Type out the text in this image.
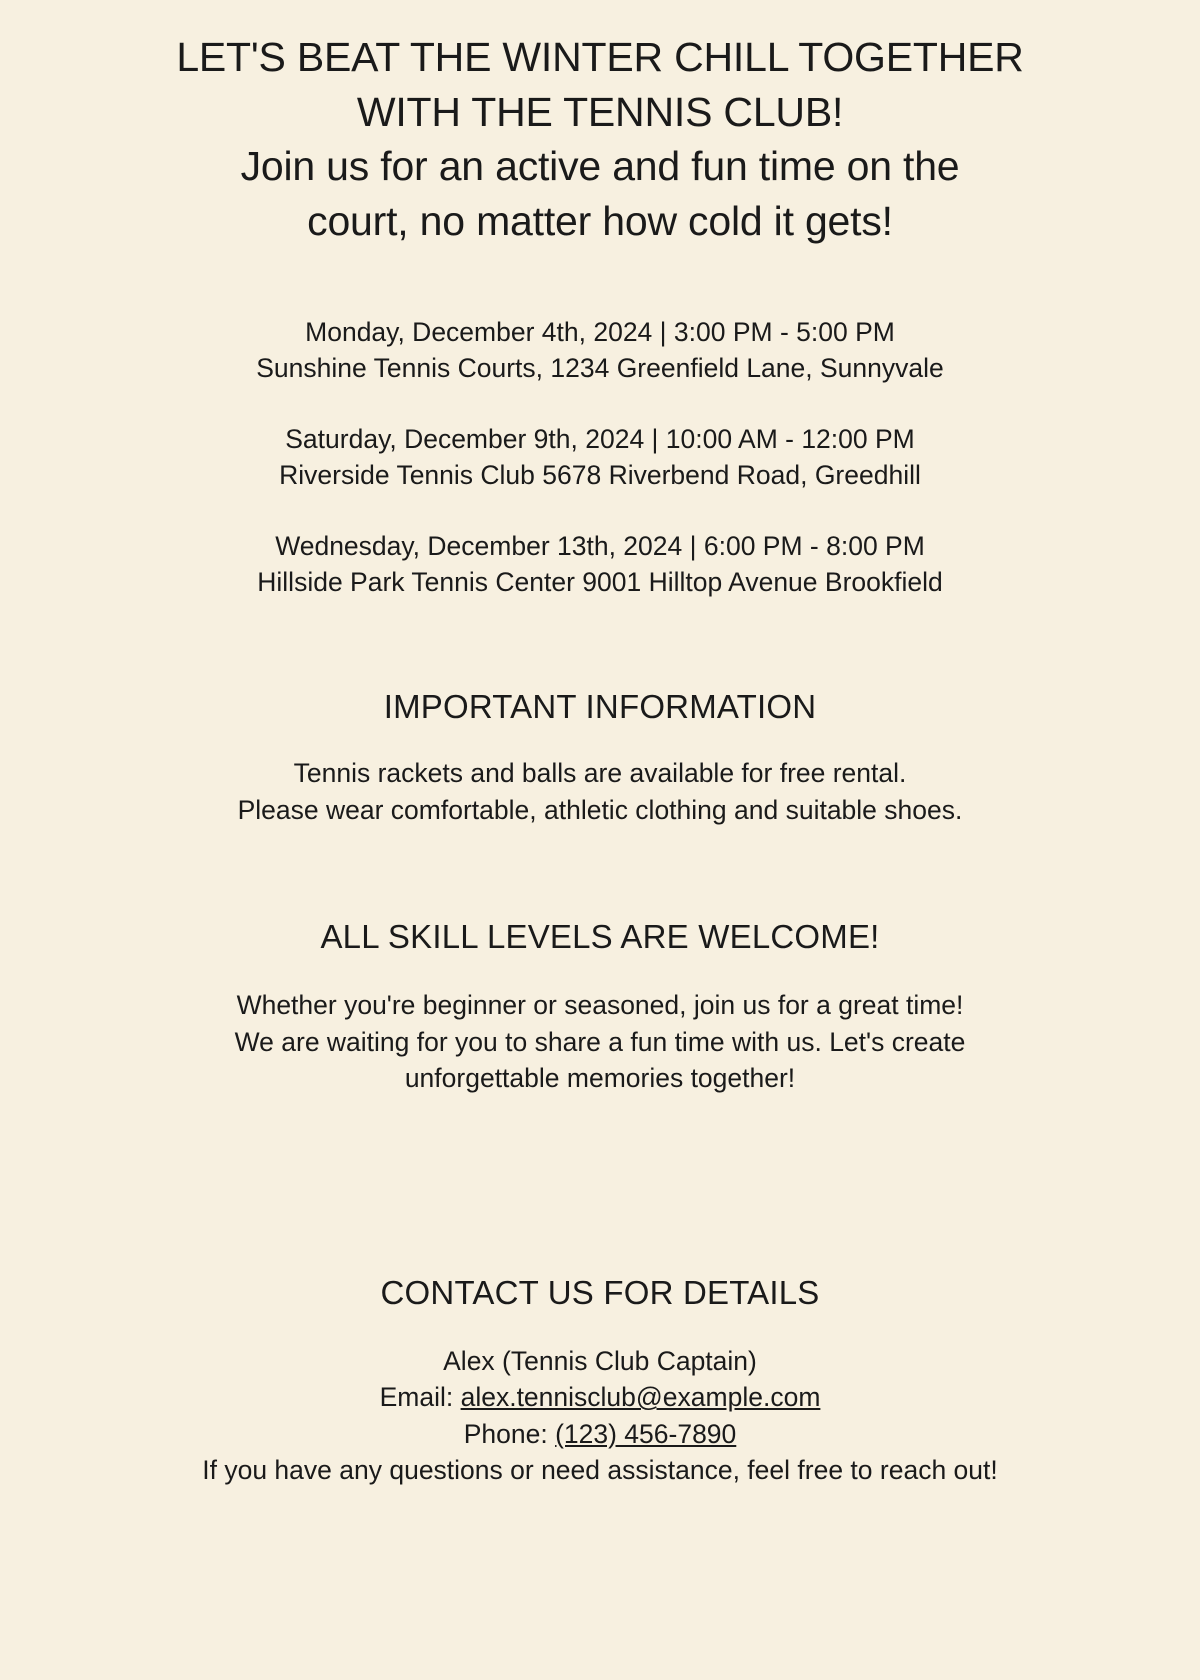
LET'S BEAT THE WINTER CHILL TOGETHER
WITH THE TENNIS CLUB!

Join us for an active and fun time on the
court, no matter how cold it gets!

Monday, December 4th, 2024 | 3:00 PM - 5:00 PM
Sunshine Tennis Courts, 1234 Greenfield Lane, Sunnyvale
Saturday, December 9th, 2024 | 10:00 AM - 12:00 PM
Riverside Tennis Club 5678 Riverbend Road, Greedhill
Wednesday, December 13th, 2024 | 6:00 PM - 8:00 PM
Hillside Park Tennis Center 9001 Hilltop Avenue Brookfield
IMPORTANT INFORMATION

Tennis rackets and balls are available for free rental.
Please wear comfortable, athletic clothing and suitable shoes.

ALL SKILL LEVELS ARE WELCOME!

Whether you're beginner or seasoned, join us for a great time!
We are waiting for you to share a fun time with us. Let's create
unforgettable memories together!

CONTACT US FOR DETAILS

Alex (Tennis Club Captain)
Email: alex.tennisclub@example.com
Phone: (123) 456-7890
If you have any questions or need assistance, feel free to reach out!
